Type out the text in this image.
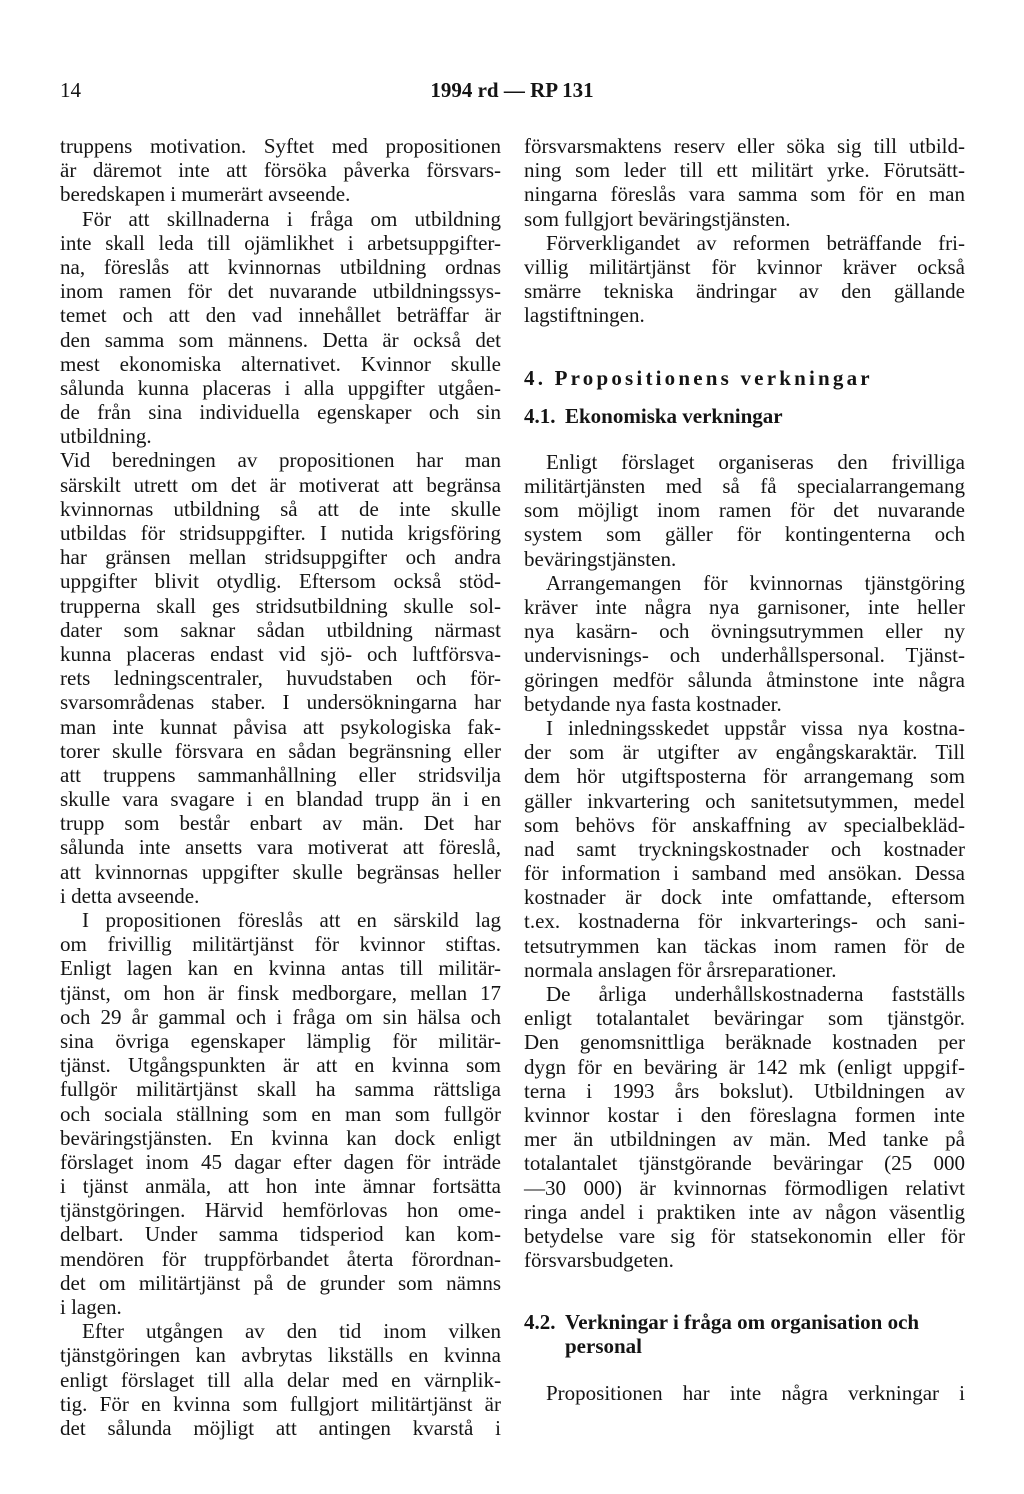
14	1994 rd — RP 131
truppens motivation. Syftet med propositionen
är däremot inte att försöka påverka försvars-
beredskapen i mumerärt avseende.
För att skillnaderna i fråga om utbildning
inte skall leda till ojämlikhet i arbetsuppgifter-
na, föreslås att kvinnornas utbildning ordnas
inom ramen för det nuvarande utbildningssys-
temet och att den vad innehållet beträffar är
den samma som männens. Detta är också det
mest ekonomiska alternativet. Kvinnor skulle
sålunda kunna placeras i alla uppgifter utgåen-
de från sina individuella egenskaper och sin
utbildning.
Vid beredningen av propositionen har man
särskilt utrett om det är motiverat att begränsa
kvinnornas utbildning så att de inte skulle
utbildas för stridsuppgifter. I nutida krigsföring
har gränsen mellan stridsuppgifter och andra
uppgifter blivit otydlig. Eftersom också stöd-
trupperna skall ges stridsutbildning skulle sol-
dater som saknar sådan utbildning närmast
kunna placeras endast vid sjö- och luftförsva-
rets ledningscentraler, huvudstaben och för-
svarsområdenas staber. I undersökningarna har
man inte kunnat påvisa att psykologiska fak-
torer skulle försvara en sådan begränsning eller
att truppens sammanhållning eller stridsvilja
skulle vara svagare i en blandad trupp än i en
trupp som består enbart av män. Det har
sålunda inte ansetts vara motiverat att föreslå,
att kvinnornas uppgifter skulle begränsas heller
i detta avseende.
I propositionen föreslås att en särskild lag
om frivillig militärtjänst för kvinnor stiftas.
Enligt lagen kan en kvinna antas till militär-
tjänst, om hon är finsk medborgare, mellan 17
och 29 år gammal och i fråga om sin hälsa och
sina övriga egenskaper lämplig för militär-
tjänst. Utgångspunkten är att en kvinna som
fullgör militärtjänst skall ha samma rättsliga
och sociala ställning som en man som fullgör
beväringstjänsten. En kvinna kan dock enligt
förslaget inom 45 dagar efter dagen för inträde
i tjänst anmäla, att hon inte ämnar fortsätta
tjänstgöringen. Härvid hemförlovas hon ome-
delbart. Under samma tidsperiod kan kom-
mendören för truppförbandet återta förordnan-
det om militärtjänst på de grunder som nämns
i lagen.
Efter utgången av den tid inom vilken
tjänstgöringen kan avbrytas likställs en kvinna
enligt förslaget till alla delar med en värnplik-
tig. För en kvinna som fullgjort militärtjänst är
det sålunda möjligt att antingen kvarstå i
försvarsmaktens reserv eller söka sig till utbild-
ning som leder till ett militärt yrke. Förutsätt-
ningarna föreslås vara samma som för en man
som fullgjort beväringstjänsten.
Förverkligandet av reformen beträffande fri-
villig militärtjänst för kvinnor kräver också
smärre tekniska ändringar av den gällande
lagstiftningen.
4. Propositionens verkningar
4.1. Ekonomiska verkningar
Enligt förslaget organiseras den frivilliga
militärtjänsten med så få specialarrangemang
som möjligt inom ramen för det nuvarande
system som gäller för kontingenterna och
beväringstjänsten.
Arrangemangen för kvinnornas tjänstgöring
kräver inte några nya garnisoner, inte heller
nya kasärn- och övningsutrymmen eller ny
undervisnings- och underhållspersonal. Tjänst-
göringen medför sålunda åtminstone inte några
betydande nya fasta kostnader.
I inledningsskedet uppstår vissa nya kostna-
der som är utgifter av engångskaraktär. Till
dem hör utgiftsposterna för arrangemang som
gäller inkvartering och sanitetsutymmen, medel
som behövs för anskaffning av specialbekläd-
nad samt tryckningskostnader och kostnader
för information i samband med ansökan. Dessa
kostnader är dock inte omfattande, eftersom
t.ex. kostnaderna för inkvarterings- och sani-
tetsutrymmen kan täckas inom ramen för de
normala anslagen för årsreparationer.
De årliga underhållskostnaderna fastställs
enligt totalantalet beväringar som tjänstgör.
Den genomsnittliga beräknade kostnaden per
dygn för en beväring är 142 mk (enligt uppgif-
terna i 1993 års bokslut). Utbildningen av
kvinnor kostar i den föreslagna formen inte
mer än utbildningen av män. Med tanke på
totalantalet tjänstgörande beväringar (25 000
—30 000) är kvinnornas förmodligen relativt
ringa andel i praktiken inte av någon väsentlig
betydelse vare sig för statsekonomin eller för
försvarsbudgeten.
4.2. Verkningar i fråga om organisation och
personal
Propositionen har inte några verkningar i
